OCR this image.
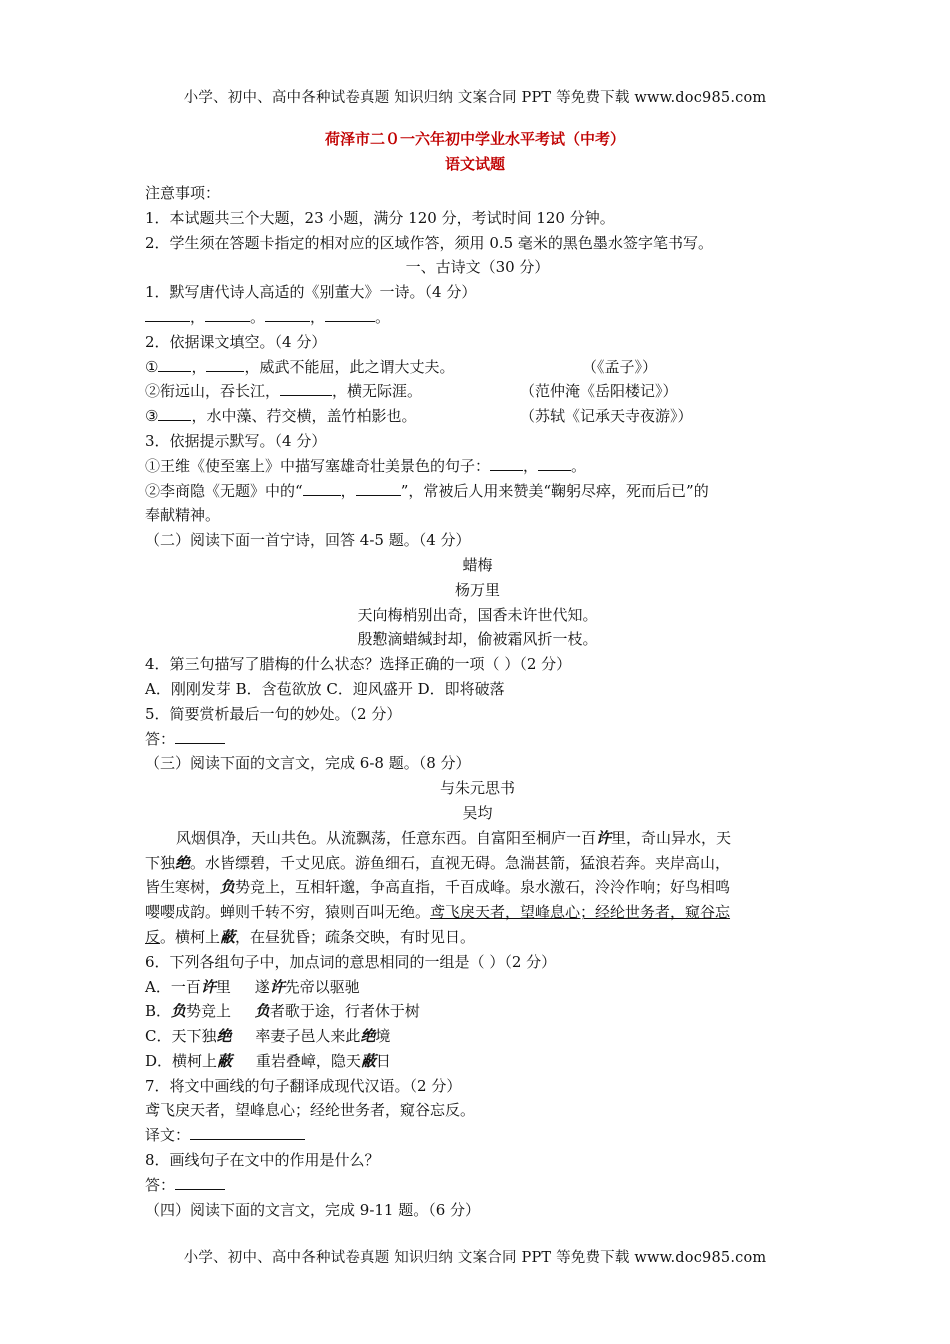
小学、初中、高中各种试卷真题 知识归纳 文案合同 PPT 等免费下载 www.doc985.com
荷泽市二０一六年初中学业水平考试（中考）
语文试题
注意事项：
1．本试题共三个大题，23 小题，满分 120 分，考试时间 120 分钟。
2．学生须在答题卡指定的相对应的区域作答，须用 0.5 毫米的黑色墨水签字笔书写。
一、古诗文（30 分）
1．默写唐代诗人高适的《别董大》一诗。（4 分）
，	。	，	。
2．依据课文填空。（4 分）
① ，	，威武不能屈，此之谓大丈夫。	（《孟子》）
②衔远山，吞长江，	，横无际涯。	（范仲淹《岳阳楼记》）
③ ，水中藻、荇交横，盖竹柏影也。	（苏轼《记承天寺夜游》）
3．依据提示默写。（4 分）
①王维《使至塞上》中描写塞雄奇壮美景色的句子： ， 。
②李商隐《无题》中的“	，	”，常被后人用来赞美“鞠躬尽瘁，死而后已”的
奉献精神。
（二）阅读下面一首宁诗，回答 4-5 题。（4 分）
蜡梅
杨万里
天向梅梢别出奇，国香未许世代知。
殷懃滴蜡缄封却，偷被霜风折一枝。
4．第三句描写了腊梅的什么状态？选择正确的一项（ ）（2 分）
A．刚刚发芽 B．含苞欲放 C．迎风盛开 D．即将破落
5．简要赏析最后一句的妙处。（2 分）
答：
（三）阅读下面的文言文，完成 6-8 题。（8 分）
与朱元思书
吴均
风烟俱净，天山共色。从流飘荡，任意东西。自富阳至桐庐一百许里，奇山异水，天
下独绝。水皆缥碧，千丈见底。游鱼细石，直视无碍。急湍甚箭，猛浪若奔。夹岸高山，
皆生寒树，负势竞上，互相轩邈，争高直指，千百成峰。泉水激石，泠泠作响；好鸟相鸣
嘤嘤成韵。蝉则千转不穷，猿则百叫无绝。鸢飞戾天者，望峰息心；经纶世务者，窥谷忘
反。横柯上蔽，在昼犹昏；疏条交映，有时见日。
6．下列各组句子中，加点词的意思相同的一组是（ ）（2 分）
A．一百许里     遂许先帝以驱驰
B．负势竞上     负者歌于途，行者休于树
C．天下独绝     率妻子邑人来此绝境
D．横柯上蔽     重岩叠嶂，隐天蔽日
7．将文中画线的句子翻译成现代汉语。（2 分）
鸢飞戾天者，望峰息心；经纶世务者，窥谷忘反。
译文：
8．画线句子在文中的作用是什么？
答：
（四）阅读下面的文言文，完成 9-11 题。（6 分）
小学、初中、高中各种试卷真题 知识归纳 文案合同 PPT 等免费下载 www.doc985.com
